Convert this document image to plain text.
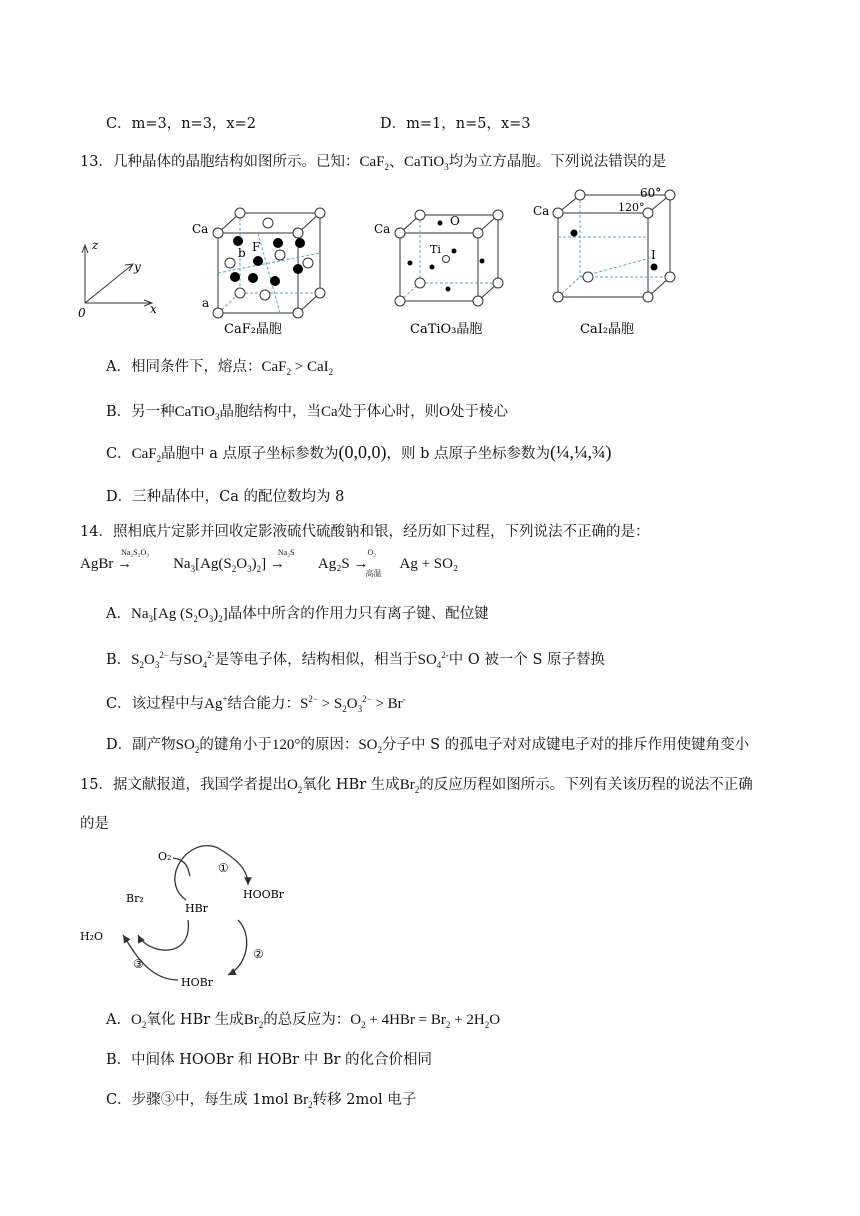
C．m=3，n=3，x=2	D．m=1，n=5，x=3
13．几种晶体的晶胞结构如图所示。已知：CaF$_2$、CaTiO$_3$均为立方晶胞。下列说法错误的是
z
y
x
0
Ca
F
b
a
CaF₂晶胞
Ca
O
Ti
CaTiO₃晶胞
Ca
I
60°
120°
CaI₂晶胞
A．相同条件下，熔点：CaF$_2$ > CaI$_2$
B．另一种CaTiO$_3$晶胞结构中，当Ca处于体心时，则O处于棱心
C．CaF$_2$晶胞中 a 点原子坐标参数为(0,0,0)，则 b 点原子坐标参数为(¼,¼,¾)
D．三种晶体中，Ca 的配位数均为 8
14．照相底片定影并回收定影液硫代硫酸钠和银，经历如下过程，下列说法不正确的是：
AgBr
Na₂S₂O₃
→	$Na_3[Ag(S_2O_3)_2]$
Na₂S
→Ag₂S
O₂
→
高温
Ag + SO₂
A．$Na_3[Ag$ $(S_2O_3)_2$]晶体中所含的作用力只有离子键、配位键
B．$S_2O_3^{2-}$与$SO_4^{2-}$是等电子体，结构相似，相当于$SO_4^{2-}$中 O 被一个 S 原子替换
C．该过程中与Ag+结合能力：$S^{2-} > S_2O_3^{2-} > Br^-$
D．副产物$SO_2$的键角小于120°的原因：$SO_2$分子中 S 的孤电子对对成键电子对的排斥作用使键角变小
15．据文献报道，我国学者提出$O_2$氧化 HBr 生成$Br_2$的反应历程如图所示。下列有关该历程的说法不正确
的是
O₂
HBr
HOOBr
HOBr
Br₂
H₂O
①
②
③
A．$O_2$氧化 HBr 生成$Br_2$的总反应为：$O_2 + 4HBr = Br_2 + 2H_2O$
B．中间体 HOOBr 和 HOBr 中 Br 的化合价相同
C．步骤③中，每生成 1mol $Br_2$转移 2mol 电子
